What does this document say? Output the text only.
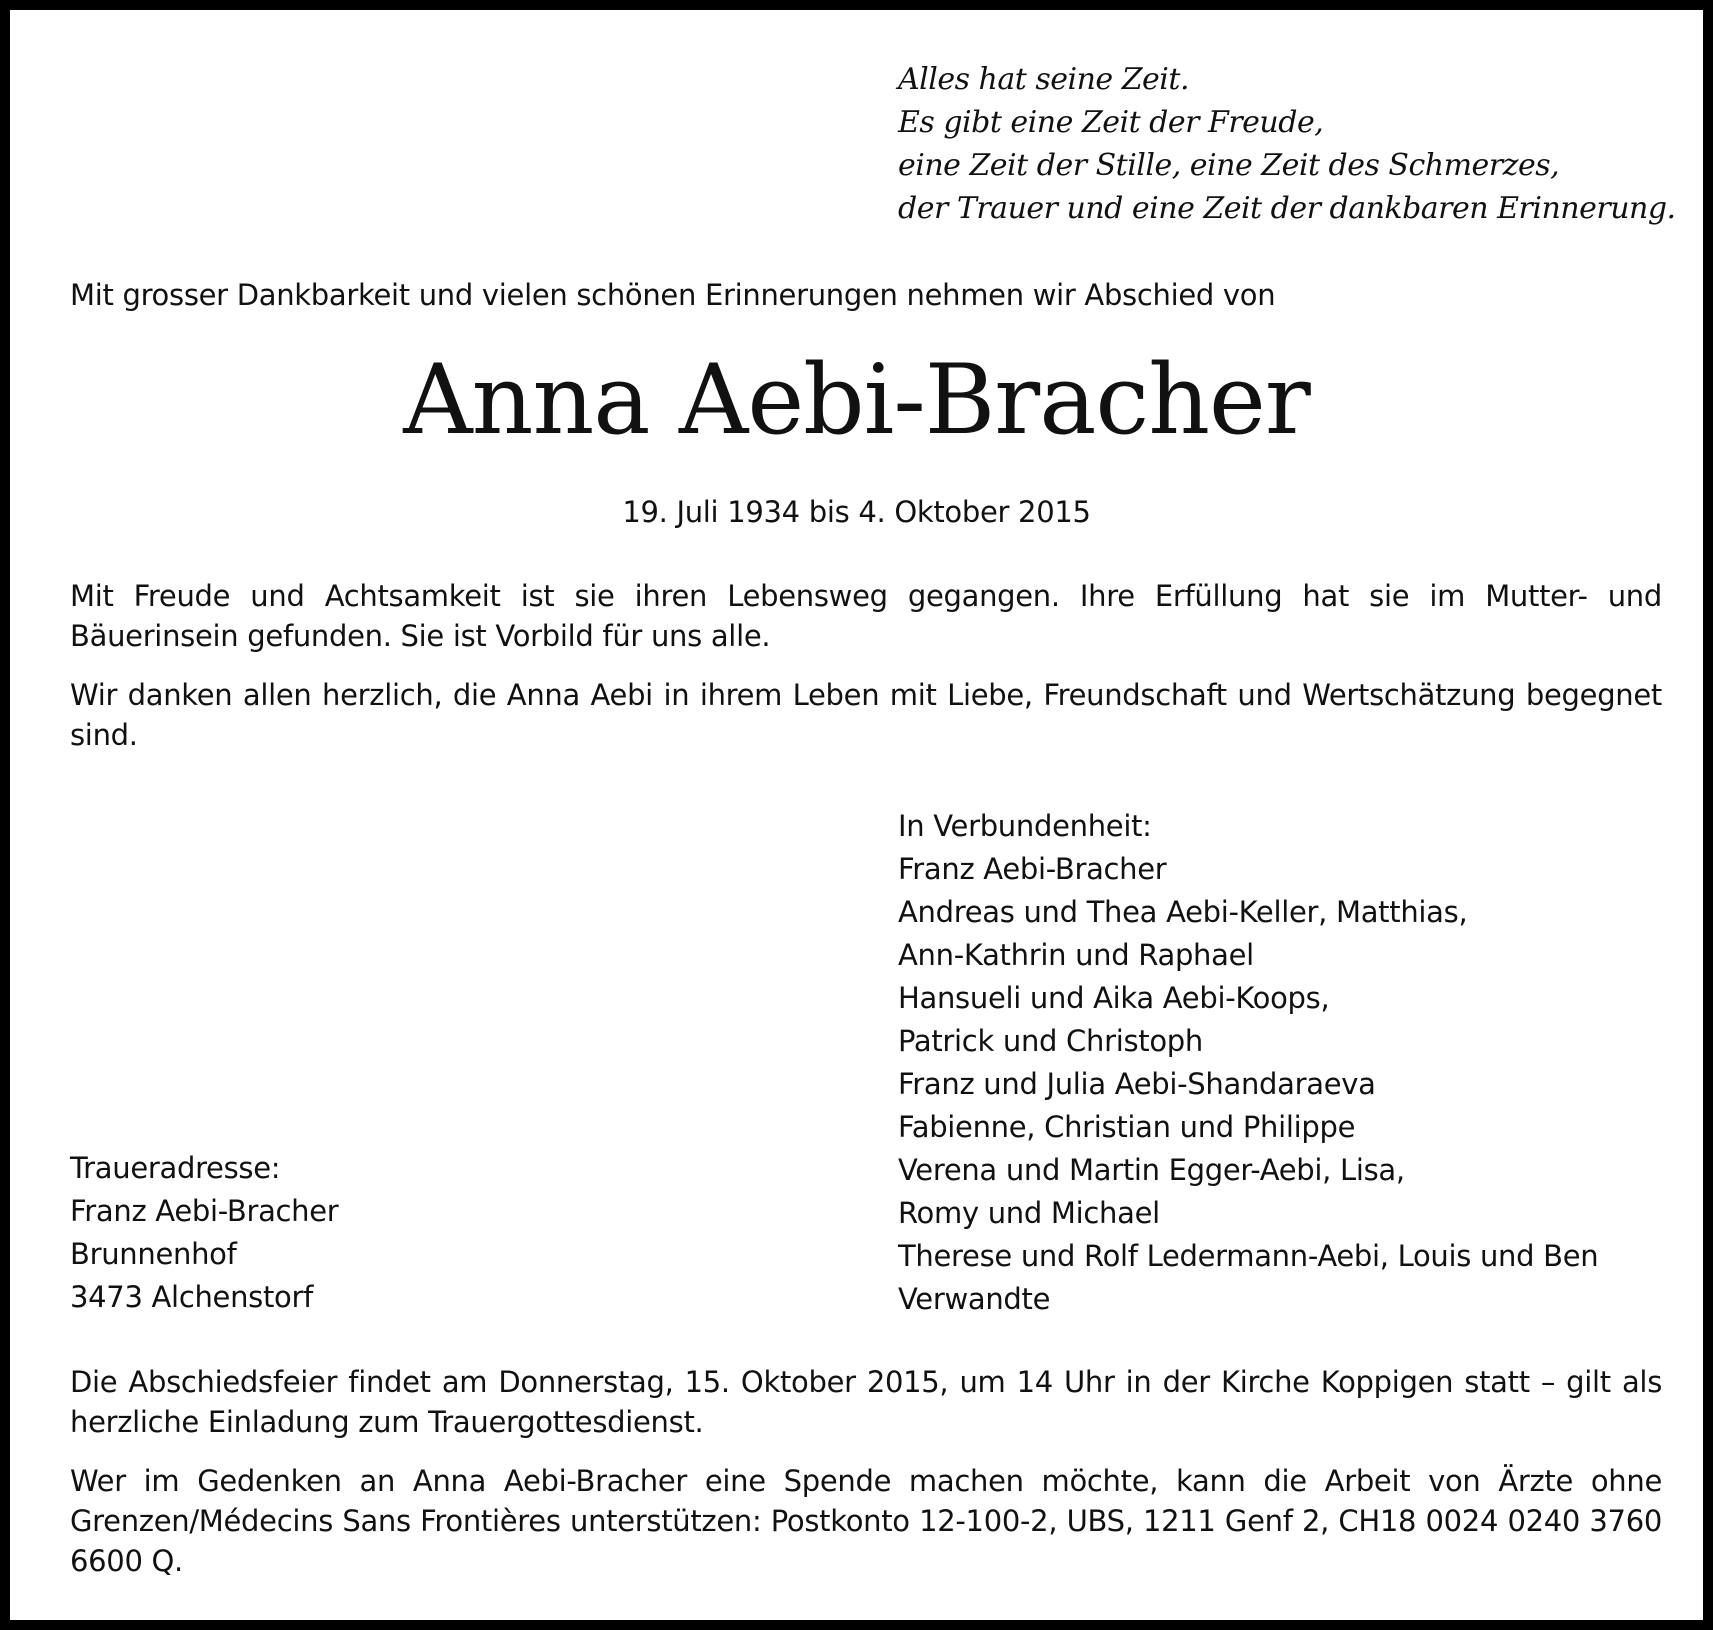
Alles hat seine Zeit.
Es gibt eine Zeit der Freude,
eine Zeit der Stille, eine Zeit des Schmerzes,
der Trauer und eine Zeit der dankbaren Erinnerung.
Mit grosser Dankbarkeit und vielen schönen Erinnerungen nehmen wir Abschied von
Anna Aebi-Bracher
19. Juli 1934 bis 4. Oktober 2015
Mit Freude und Achtsamkeit ist sie ihren Lebensweg gegangen. Ihre Erfüllung hat sie im Mutter- und Bäuerinsein gefunden. Sie ist Vorbild für uns alle.
Wir danken allen herzlich, die Anna Aebi in ihrem Leben mit Liebe, Freundschaft und Wertschätzung begegnet sind.
In Verbundenheit:
Franz Aebi-Bracher
Andreas und Thea Aebi-Keller, Matthias,
Ann-Kathrin und Raphael
Hansueli und Aika Aebi-Koops,
Patrick und Christoph
Franz und Julia Aebi-Shandaraeva
Fabienne, Christian und Philippe
Verena und Martin Egger-Aebi, Lisa,
Romy und Michael
Therese und Rolf Ledermann-Aebi, Louis und Ben
Verwandte
Traueradresse:
Franz Aebi-Bracher
Brunnenhof
3473 Alchenstorf
Die Abschiedsfeier findet am Donnerstag, 15. Oktober 2015, um 14 Uhr in der Kirche Koppigen statt – gilt als herzliche Einladung zum Trauergottesdienst.
Wer im Gedenken an Anna Aebi-Bracher eine Spende machen möchte, kann die Arbeit von Ärzte ohne Grenzen/Médecins Sans Frontières unterstützen: Postkonto 12-100-2, UBS, 1211 Genf 2, CH18 0024 0240 3760 6600 Q.
